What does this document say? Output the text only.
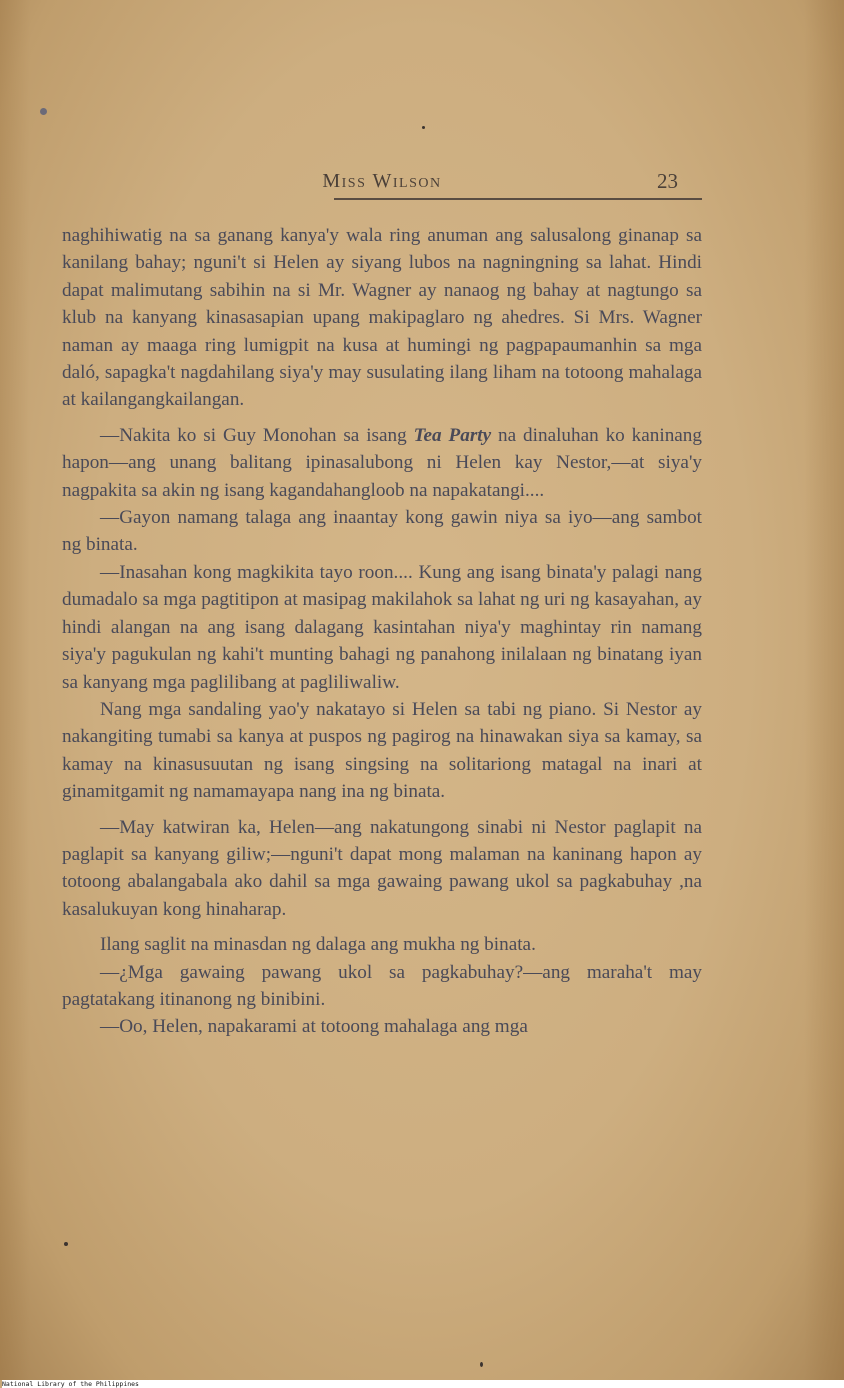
Miss Wilson	23

naghihiwatig na sa ganang kanya'y wala ring anuman ang salusalong ginanap sa kanilang bahay; nguni't si Helen ay siyang lubos na nagningning sa lahat. Hindi dapat malimutang sabihin na si Mr. Wagner ay nanaog ng bahay at nagtungo sa klub na kanyang kinasasapian upang makipaglaro ng ahedres. Si Mrs. Wagner naman ay maaga ring lumigpit na kusa at humingi ng pagpapaumanhin sa mga daló, sapagka't nagdahilang siya'y may susulating ilang liham na totoong mahalaga at kailangangkailangan.

—Nakita ko si Guy Monohan sa isang Tea Party na dinaluhan ko kaninang hapon—ang unang balitang ipinasalubong ni Helen kay Nestor,—at siya'y nagpakita sa akin ng isang kagandahangloob na napakatangi....

—Gayon namang talaga ang inaantay kong gawin niya sa iyo—ang sambot ng binata.

—Inasahan kong magkikita tayo roon.... Kung ang isang binata'y palagi nang dumadalo sa mga pagtitipon at masipag makilahok sa lahat ng uri ng kasayahan, ay hindi alangan na ang isang dalagang kasintahan niya'y maghintay rin namang siya'y pagukulan ng kahi't munting bahagi ng panahong inilalaan ng binatang iyan sa kanyang mga paglilibang at pagliliwaliw.

Nang mga sandaling yao'y nakatayo si Helen sa tabi ng piano. Si Nestor ay nakangiting tumabi sa kanya at puspos ng pagirog na hinawakan siya sa kamay, sa kamay na kinasusuutan ng isang singsing na solitariong matagal na inari at ginamitgamit ng namamayapa nang ina ng binata.

—May katwiran ka, Helen—ang nakatungong sinabi ni Nestor paglapit na paglapit sa kanyang giliw;—nguni't dapat mong malaman na kaninang hapon ay totoong abalangabala ako dahil sa mga gawaing pawang ukol sa pagkabuhay ,na kasalukuyan kong hinaharap.

Ilang saglit na minasdan ng dalaga ang mukha ng binata.

—¿Mga gawaing pawang ukol sa pagkabuhay?—ang maraha't may pagtatakang itinanong ng binibini.

—Oo, Helen, napakarami at totoong mahalaga ang mga

National Library of the Philippines
